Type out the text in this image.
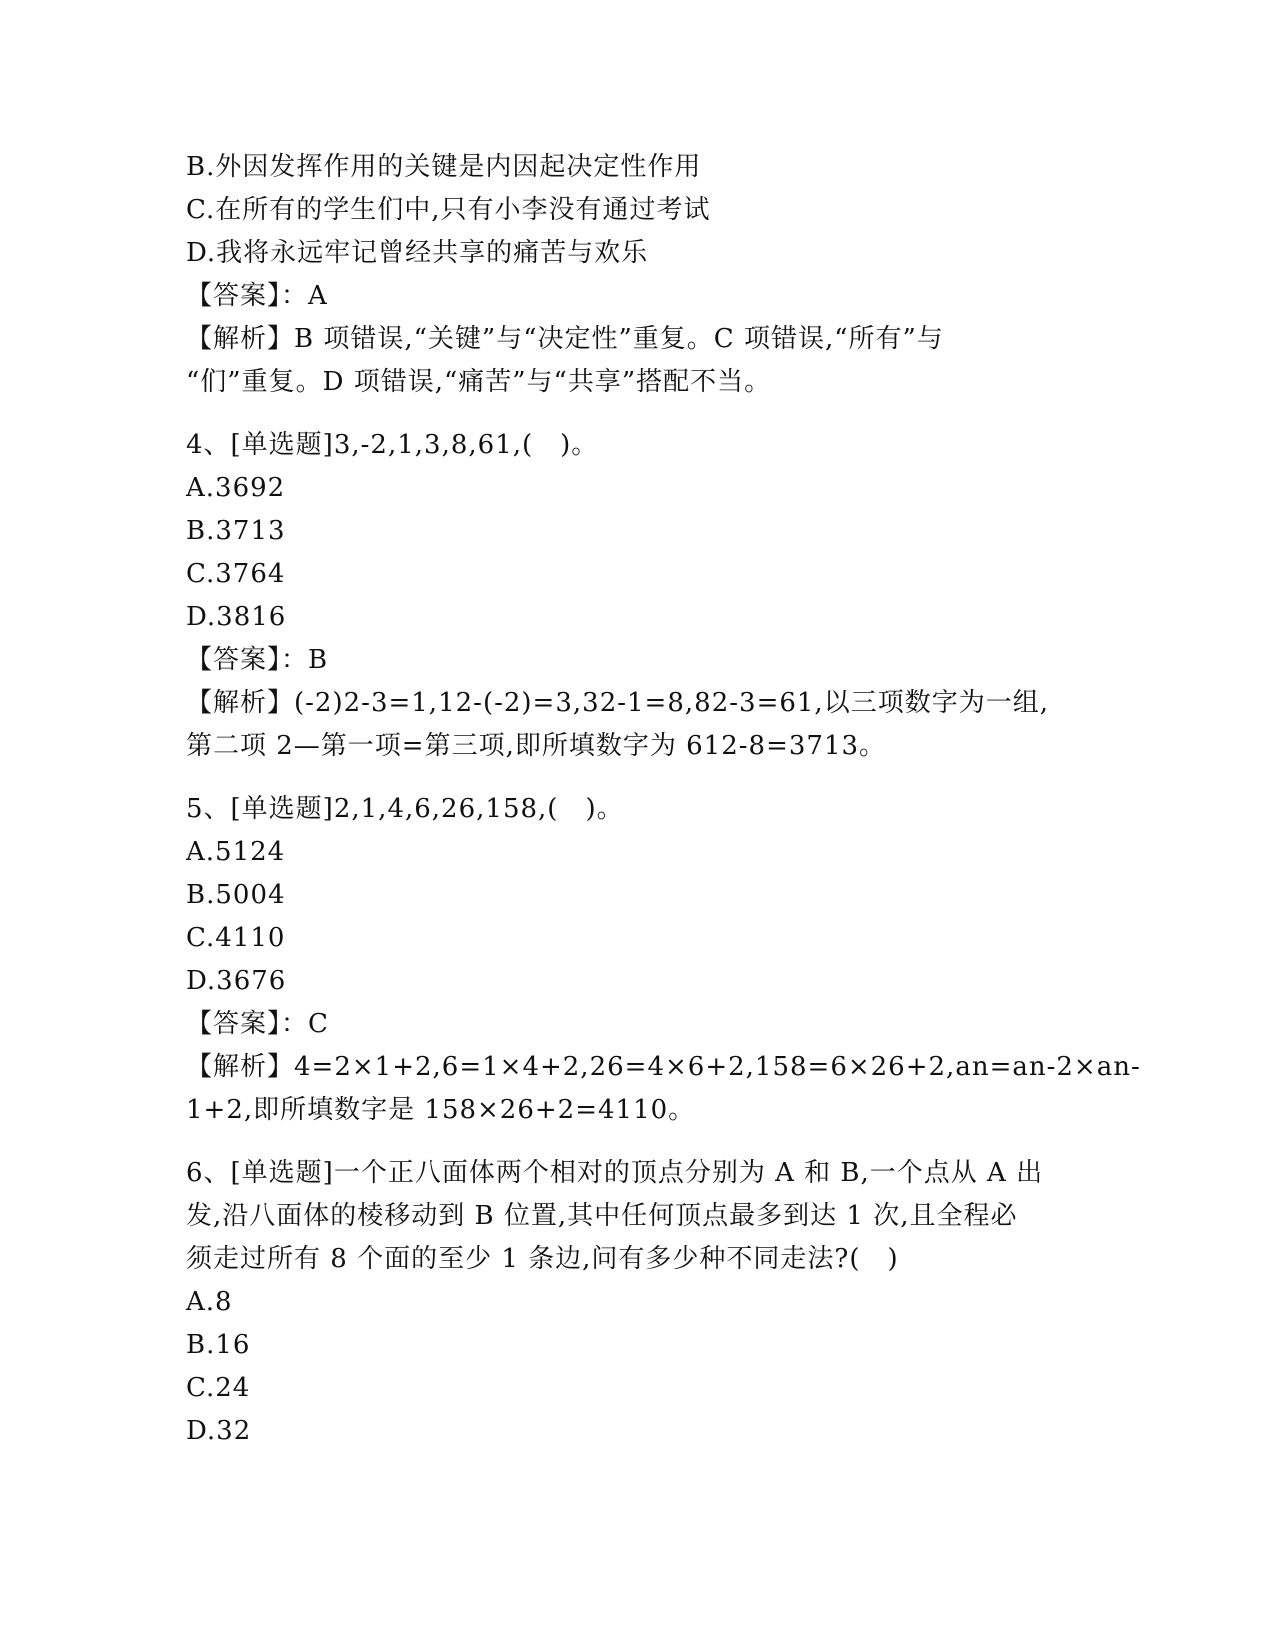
B.外因发挥作用的关键是内因起决定性作用
C.在所有的学生们中,只有小李没有通过考试
D.我将永远牢记曾经共享的痛苦与欢乐
【答案】：A
【解析】B 项错误,“关键”与“决定性”重复。C 项错误,“所有”与
“们”重复。D 项错误,“痛苦”与“共享”搭配不当。
4、[单选题]3,-2,1,3,8,61,(　)。
A.3692
B.3713
C.3764
D.3816
【答案】：B
【解析】(-2)2-3=1,12-(-2)=3,32-1=8,82-3=61,以三项数字为一组,
第二项 2—第一项=第三项,即所填数字为 612-8=3713。
5、[单选题]2,1,4,6,26,158,(　)。
A.5124
B.5004
C.4110
D.3676
【答案】：C
【解析】4=2×1+2,6=1×4+2,26=4×6+2,158=6×26+2,an=an-2×an-
1+2,即所填数字是 158×26+2=4110。
6、[单选题]一个正八面体两个相对的顶点分别为 A 和 B,一个点从 A 出
发,沿八面体的棱移动到 B 位置,其中任何顶点最多到达 1 次,且全程必
须走过所有 8 个面的至少 1 条边,问有多少种不同走法?(　)
A.8
B.16
C.24
D.32
